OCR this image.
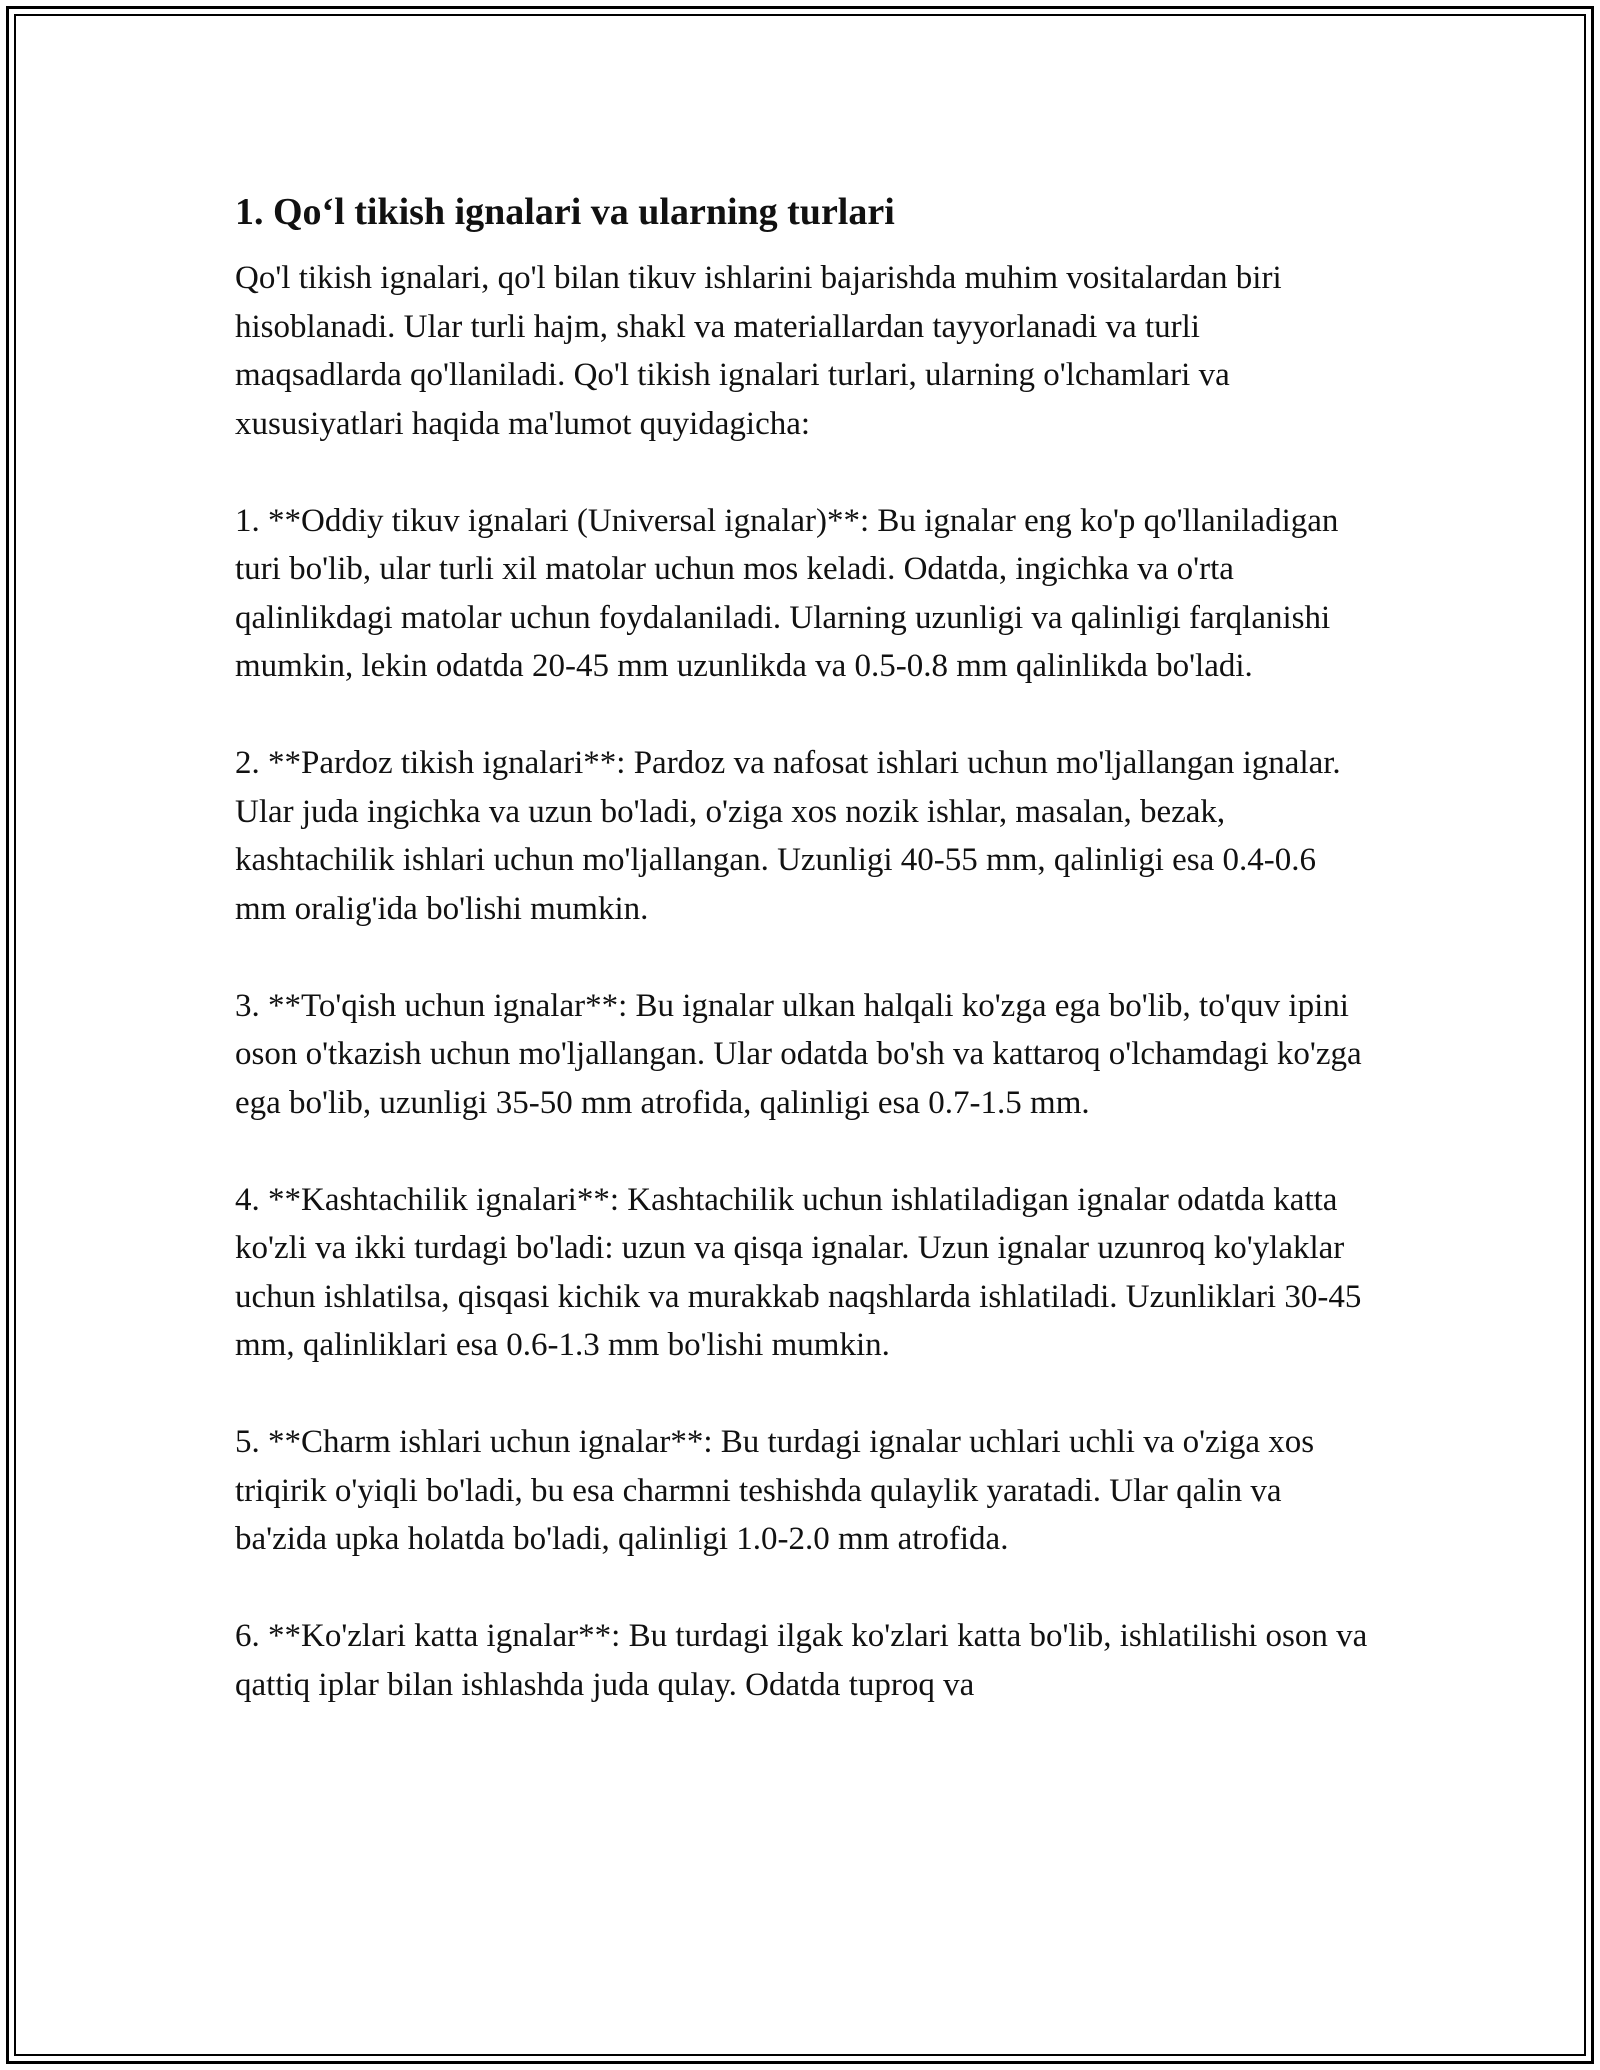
1. Qo‘l tikish ignalari va ularning turlari

Qo'l tikish ignalari, qo'l bilan tikuv ishlarini bajarishda muhim vositalardan biri hisoblanadi. Ular turli hajm, shakl va materiallardan tayyorlanadi va turli maqsadlarda qo'llaniladi. Qo'l tikish ignalari turlari, ularning o'lchamlari va xususiyatlari haqida ma'lumot quyidagicha:

1. **Oddiy tikuv ignalari (Universal ignalar)**: Bu ignalar eng ko'p qo'llaniladigan turi bo'lib, ular turli xil matolar uchun mos keladi. Odatda, ingichka va o'rta qalinlikdagi matolar uchun foydalaniladi. Ularning uzunligi va qalinligi farqlanishi mumkin, lekin odatda 20-45 mm uzunlikda va 0.5-0.8 mm qalinlikda bo'ladi.

2. **Pardoz tikish ignalari**: Pardoz va nafosat ishlari uchun mo'ljallangan ignalar. Ular juda ingichka va uzun bo'ladi, o'ziga xos nozik ishlar, masalan, bezak, kashtachilik ishlari uchun mo'ljallangan. Uzunligi 40-55 mm, qalinligi esa 0.4-0.6 mm oralig'ida bo'lishi mumkin.

3. **To'qish uchun ignalar**: Bu ignalar ulkan halqali ko'zga ega bo'lib, to'quv ipini oson o'tkazish uchun mo'ljallangan. Ular odatda bo'sh va kattaroq o'lchamdagi ko'zga ega bo'lib, uzunligi 35-50 mm atrofida, qalinligi esa 0.7-1.5 mm.

4. **Kashtachilik ignalari**: Kashtachilik uchun ishlatiladigan ignalar odatda katta ko'zli va ikki turdagi bo'ladi: uzun va qisqa ignalar. Uzun ignalar uzunroq ko'ylaklar uchun ishlatilsa, qisqasi kichik va murakkab naqshlarda ishlatiladi. Uzunliklari 30-45 mm, qalinliklari esa 0.6-1.3 mm bo'lishi mumkin.

5. **Charm ishlari uchun ignalar**: Bu turdagi ignalar uchlari uchli va o'ziga xos triqirik o'yiqli bo'ladi, bu esa charmni teshishda qulaylik yaratadi. Ular qalin va ba'zida upka holatda bo'ladi, qalinligi 1.0-2.0 mm atrofida.

6. **Ko'zlari katta ignalar**: Bu turdagi ilgak ko'zlari katta bo'lib, ishlatilishi oson va qattiq iplar bilan ishlashda juda qulay. Odatda tuproq va
